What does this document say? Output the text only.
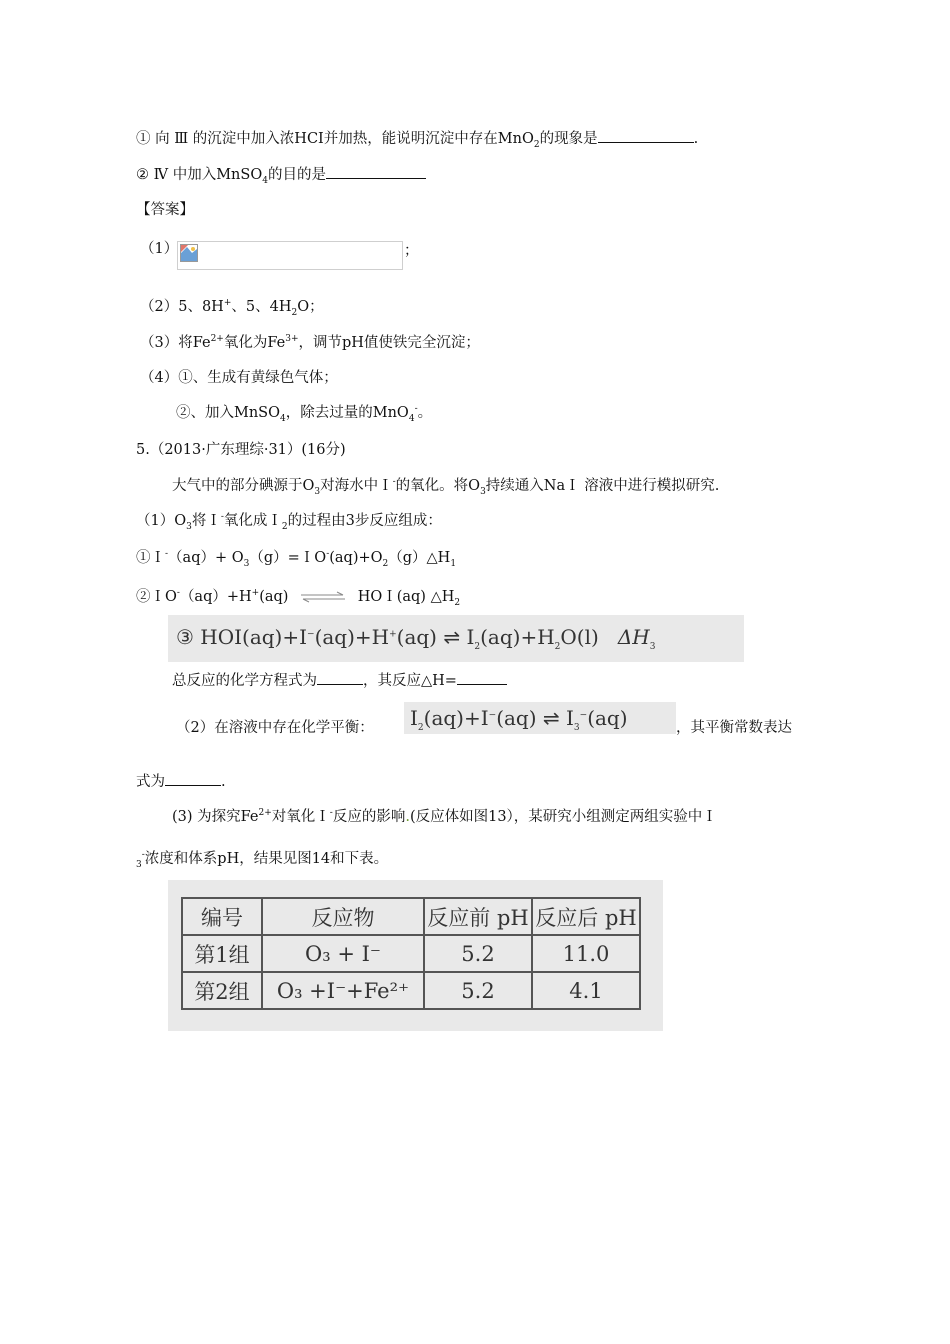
① 向 Ⅲ 的沉淀中加入浓HCI并加热，能说明沉淀中存在MnO$_2$的现象是	.
② Ⅳ 中加入MnSO$_4$的目的是
【答案】
（1）	；
（2）5、8H+、5、$4H_2O$；
（3）将$Fe^{2+}$氧化为$Fe^{3+}$，调节pH值使铁完全沉淀；
（4）①、生成有黄绿色气体；
②、加入MnSO$_4$，除去过量的MnO$_4$-。
5.（2013·广东理综·31）(16分)
大气中的部分碘源于$O_3$对海水中Ｉ-的氧化。将$O_3$持续通入NaＩ 溶液中进行模拟研究.
$(1)O_3$将Ｉ-氧化成Ｉ$_2$的过程由3步反应组成：
①Ｉ-（aq）+ $O_3(g)=IO^-(aq)+O_2(g)\triangle H_1$
②ＩO-（aq）+H+(aq) ⇌ HOＩ(aq) $\triangle H_2$
③ HOI(aq)+I−(aq)+H+(aq) ⇌ $I_2(aq)+H_2O(l)$ $\Delta H_3$
总反应的化学方程式为	，其反应△H=
（2）在溶液中存在化学平衡： $I_2(aq)+I^-(aq)$ ⇌ $I_3^-(aq)$	，其平衡常数表达
式为	.
(3) 为探究$Fe^{2+}$对氧化Ｉ-反应的影响.(反应体如图13），某研究小组测定两组实验中Ｉ
$_3$-浓度和体系pH，结果见图14和下表。
编号	反应物	反应前 pH	反应后 pH
第1组	O₃ + I⁻	5.2	11.0
第2组	O₃ +I⁻+Fe²⁺	5.2	4.1
